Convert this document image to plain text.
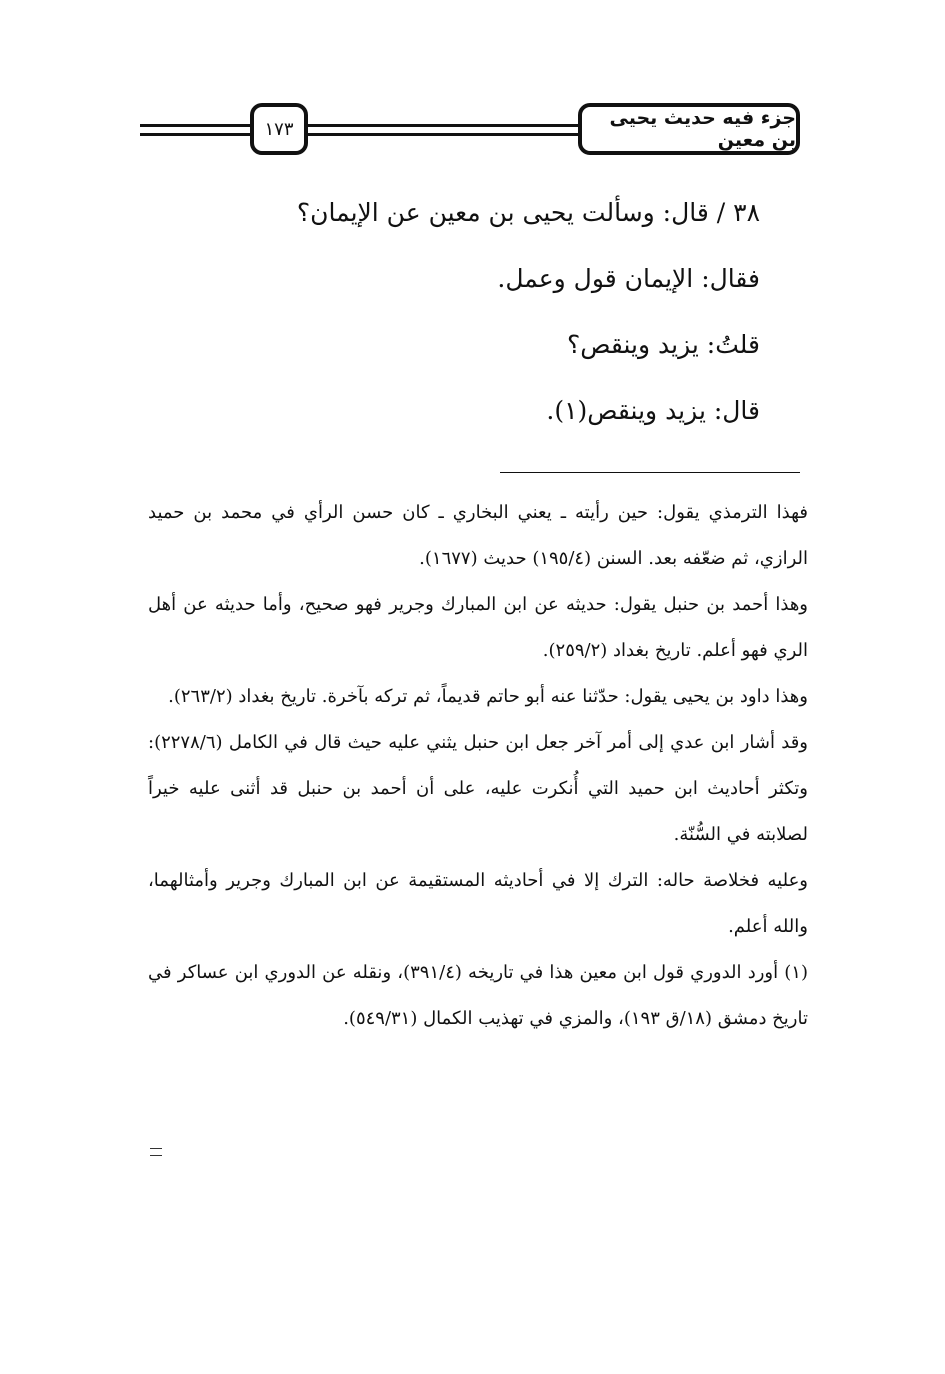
جزء فيه حديث يحيى بن معين
١٧٣

٣٨ / قال: وسألت يحيى بن معين عن الإيمان؟

فقال: الإيمان قول وعمل.

قلتُ: يزيد وينقص؟

قال: يزيد وينقص(١).

فهذا الترمذي يقول: حين رأيته ـ يعني البخاري ـ كان حسن الرأي في محمد بن حميد الرازي، ثم ضعّفه بعد. السنن (١٩٥/٤) حديث (١٦٧٧).

وهذا أحمد بن حنبل يقول: حديثه عن ابن المبارك وجرير فهو صحيح، وأما حديثه عن أهل الري فهو أعلم. تاريخ بغداد (٢٥٩/٢).

وهذا داود بن يحيى يقول: حدّثنا عنه أبو حاتم قديماً، ثم تركه بآخرة. تاريخ بغداد (٢٦٣/٢).

وقد أشار ابن عدي إلى أمر آخر جعل ابن حنبل يثني عليه حيث قال في الكامل (٢٢٧٨/٦): وتكثر أحاديث ابن حميد التي أُنكرت عليه، على أن أحمد بن حنبل قد أثنى عليه خيراً لصلابته في السُّنّة.

وعليه فخلاصة حاله: الترك إلا في أحاديثه المستقيمة عن ابن المبارك وجرير وأمثالهما، والله أعلم.

(١) أورد الدوري قول ابن معين هذا في تاريخه (٣٩١/٤)، ونقله عن الدوري ابن عساكر في تاريخ دمشق (١٨/ق ١٩٣)، والمزي في تهذيب الكمال (٥٤٩/٣١).
